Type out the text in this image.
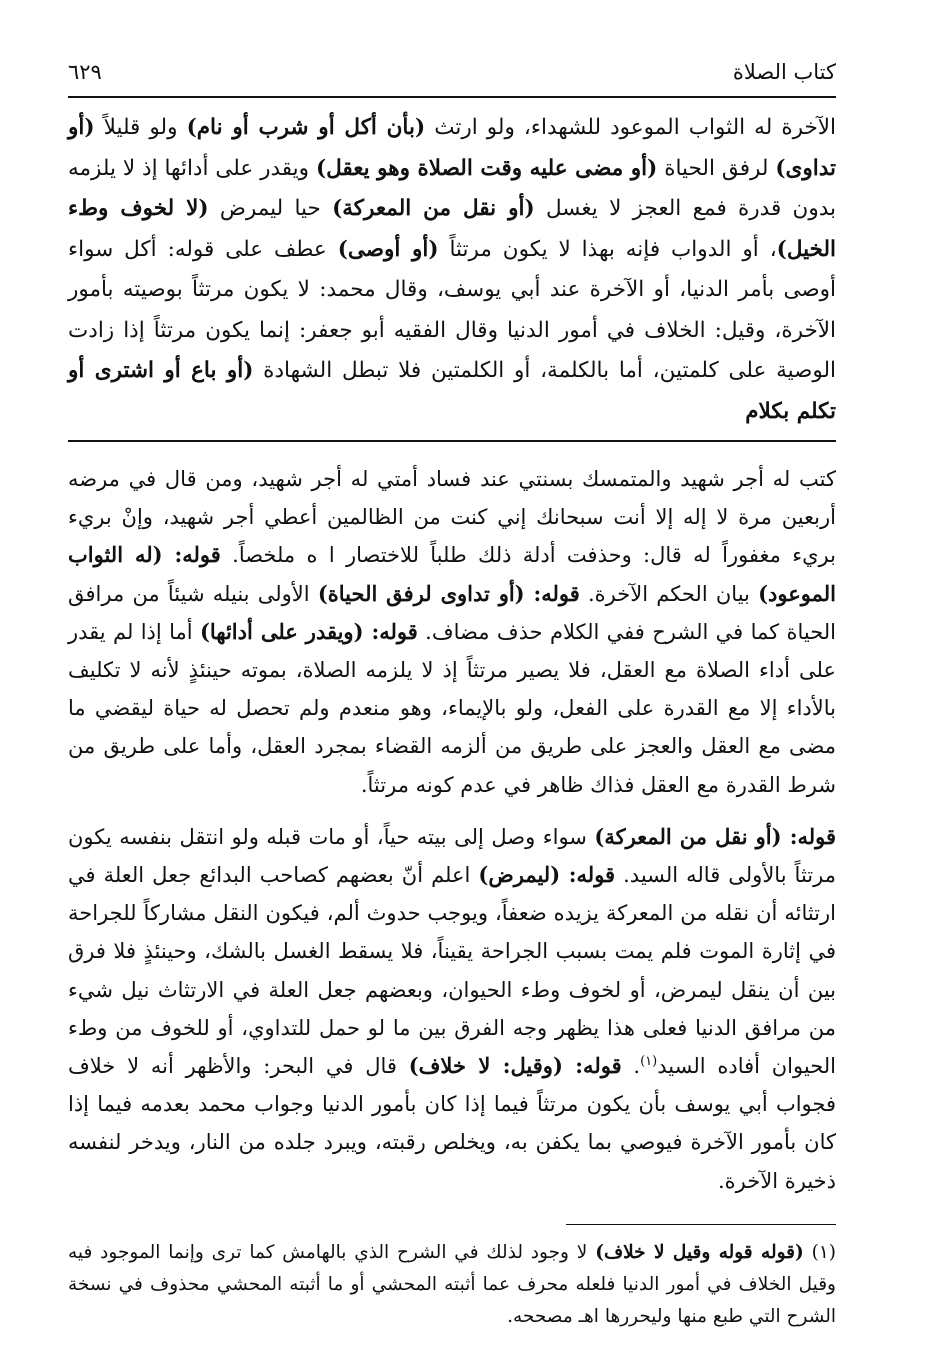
كتاب الصلاة
٦٢٩

الآخرة له الثواب الموعود للشهداء، ولو ارتث (بأن أكل أو شرب أو نام) ولو قليلاً (أو تداوى) لرفق الحياة (أو مضى عليه وقت الصلاة وهو يعقل) ويقدر على أدائها إذ لا يلزمه بدون قدرة فمع العجز لا يغسل (أو نقل من المعركة) حيا ليمرض (لا لخوف وطء الخيل)، أو الدواب فإنه بهذا لا يكون مرتثاً (أو أوصى) عطف على قوله: أكل سواء أوصى بأمر الدنيا، أو الآخرة عند أبي يوسف، وقال محمد: لا يكون مرتثاً بوصيته بأمور الآخرة، وقيل: الخلاف في أمور الدنيا وقال الفقيه أبو جعفر: إنما يكون مرتثاً إذا زادت الوصية على كلمتين، أما بالكلمة، أو الكلمتين فلا تبطل الشهادة (أو باع أو اشترى أو تكلم بكلام

كتب له أجر شهيد والمتمسك بسنتي عند فساد أمتي له أجر شهيد، ومن قال في مرضه أربعين مرة لا إله إلا أنت سبحانك إني كنت من الظالمين أعطي أجر شهيد، وإنْ بريء بريء مغفوراً له قال: وحذفت أدلة ذلك طلباً للاختصار ا ه ملخصاً. قوله: (له الثواب الموعود) بيان الحكم الآخرة. قوله: (أو تداوى لرفق الحياة) الأولى بنيله شيئاً من مرافق الحياة كما في الشرح ففي الكلام حذف مضاف. قوله: (ويقدر على أدائها) أما إذا لم يقدر على أداء الصلاة مع العقل، فلا يصير مرتثاً إذ لا يلزمه الصلاة، بموته حينئذٍ لأنه لا تكليف بالأداء إلا مع القدرة على الفعل، ولو بالإيماء، وهو منعدم ولم تحصل له حياة ليقضي ما مضى مع العقل والعجز على طريق من ألزمه القضاء بمجرد العقل، وأما على طريق من شرط القدرة مع العقل فذاك ظاهر في عدم كونه مرتثاً.

قوله: (أو نقل من المعركة) سواء وصل إلى بيته حياً، أو مات قبله ولو انتقل بنفسه يكون مرتثاً بالأولى قاله السيد. قوله: (ليمرض) اعلم أنّ بعضهم كصاحب البدائع جعل العلة في ارتثائه أن نقله من المعركة يزيده ضعفاً، ويوجب حدوث ألم، فيكون النقل مشاركاً للجراحة في إثارة الموت فلم يمت بسبب الجراحة يقيناً، فلا يسقط الغسل بالشك، وحينئذٍ فلا فرق بين أن ينقل ليمرض، أو لخوف وطء الحيوان، وبعضهم جعل العلة في الارتثاث نيل شيء من مرافق الدنيا فعلى هذا يظهر وجه الفرق بين ما لو حمل للتداوي، أو للخوف من وطء الحيوان أفاده السيد$^{(١)}$. قوله: (وقيل: لا خلاف) قال في البحر: والأظهر أنه لا خلاف فجواب أبي يوسف بأن يكون مرتثاً فيما إذا كان بأمور الدنيا وجواب محمد بعدمه فيما إذا كان بأمور الآخرة فيوصي بما يكفن به، ويخلص رقبته، ويبرد جلده من النار، ويدخر لنفسه ذخيرة الآخرة.

(١) (قوله قوله وقيل لا خلاف) لا وجود لذلك في الشرح الذي بالهامش كما ترى وإنما الموجود فيه وقيل الخلاف في أمور الدنيا فلعله محرف عما أثبته المحشي أو ما أثبته المحشي محذوف في نسخة الشرح التي طبع منها وليحررها اهـ مصححه.
